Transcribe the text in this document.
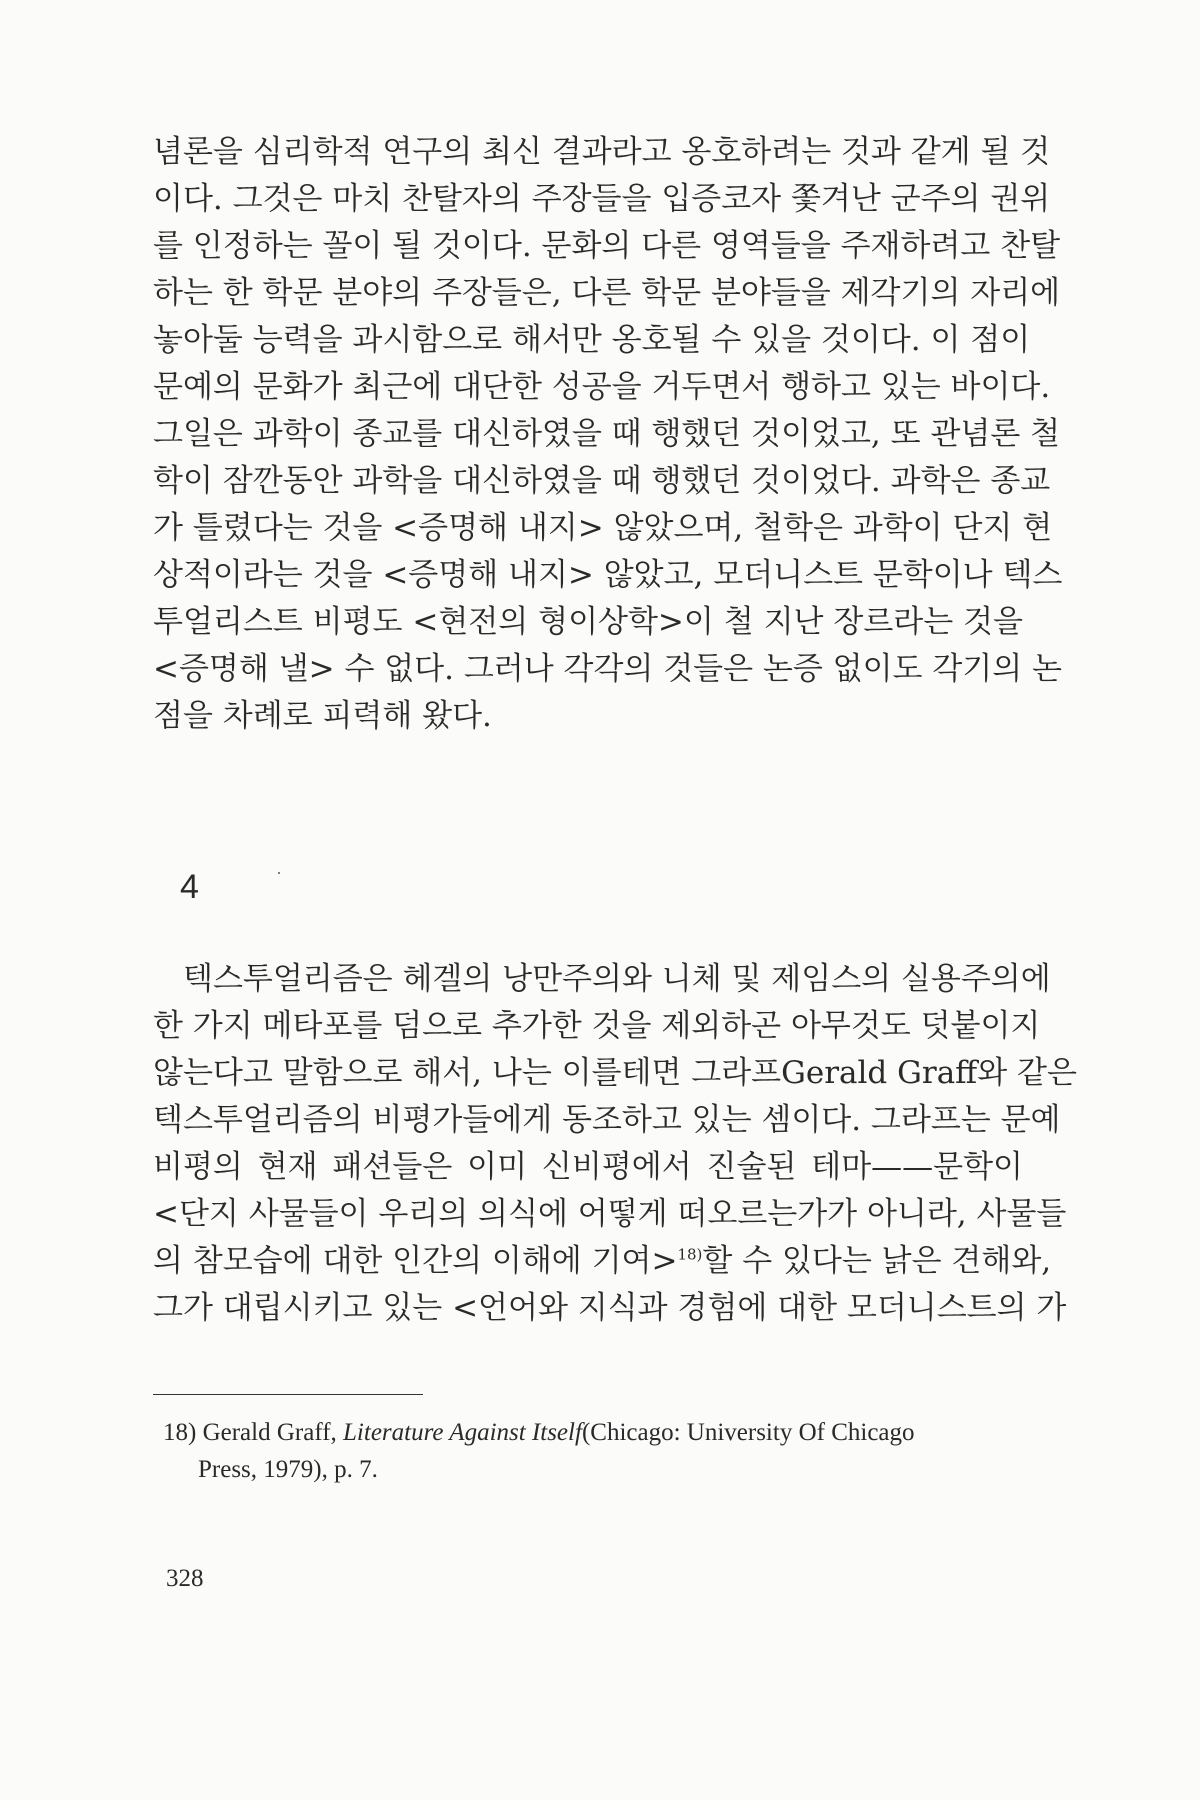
념론을 심리학적 연구의 최신 결과라고 옹호하려는 것과 같게 될 것
이다. 그것은 마치 찬탈자의 주장들을 입증코자 쫓겨난 군주의 권위
를 인정하는 꼴이 될 것이다. 문화의 다른 영역들을 주재하려고 찬탈
하는 한 학문 분야의 주장들은, 다른 학문 분야들을 제각기의 자리에
놓아둘 능력을 과시함으로 해서만 옹호될 수 있을 것이다. 이 점이
문예의 문화가 최근에 대단한 성공을 거두면서 행하고 있는 바이다.
그일은 과학이 종교를 대신하였을 때 행했던 것이었고, 또 관념론 철
학이 잠깐동안 과학을 대신하였을 때 행했던 것이었다. 과학은 종교
가 틀렸다는 것을 <증명해 내지> 않았으며, 철학은 과학이 단지 현
상적이라는 것을 <증명해 내지> 않았고, 모더니스트 문학이나 텍스
투얼리스트 비평도 <현전의 형이상학>이 철 지난 장르라는 것을
<증명해 낼> 수 없다. 그러나 각각의 것들은 논증 없이도 각기의 논
점을 차례로 피력해 왔다.
4
텍스투얼리즘은 헤겔의 낭만주의와 니체 및 제임스의 실용주의에
한 가지 메타포를 덤으로 추가한 것을 제외하곤 아무것도 덧붙이지
않는다고 말함으로 해서, 나는 이를테면 그라프Gerald Graff와 같은
텍스투얼리즘의 비평가들에게 동조하고 있는 셈이다. 그라프는 문예
비평의 현재 패션들은 이미 신비평에서 진술된 테마——문학이
<단지 사물들이 우리의 의식에 어떻게 떠오르는가가 아니라, 사물들
의 참모습에 대한 인간의 이해에 기여>$^{18)}$할 수 있다는 낡은 견해와,
그가 대립시키고 있는 <언어와 지식과 경험에 대한 모더니스트의 가
18) Gerald Graff, Literature Against Itself(Chicago: University Of Chicago
Press, 1979), p. 7.
328
